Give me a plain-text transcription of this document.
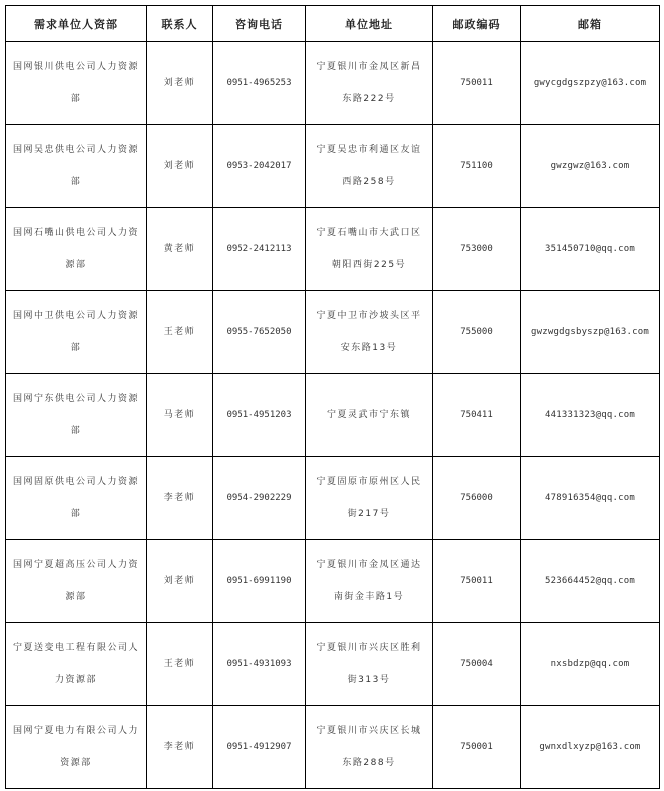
需求单位人资部	联系人	咨询电话	单位地址	邮政编码	邮箱
国网银川供电公司人力资源部	刘老师	0951-4965253	宁夏银川市金凤区新昌东路222号	750011	gwycgdgszpzy@163.com
国网吴忠供电公司人力资源部	刘老师	0953-2042017	宁夏吴忠市利通区友谊西路258号	751100	gwzgwz@163.com
国网石嘴山供电公司人力资源部	黄老师	0952-2412113	宁夏石嘴山市大武口区朝阳西街225号	753000	351450710@qq.com
国网中卫供电公司人力资源部	王老师	0955-7652050	宁夏中卫市沙坡头区平安东路13号	755000	gwzwgdgsbyszp@163.com
国网宁东供电公司人力资源部	马老师	0951-4951203	宁夏灵武市宁东镇	750411	441331323@qq.com
国网固原供电公司人力资源部	李老师	0954-2902229	宁夏固原市原州区人民街217号	756000	478916354@qq.com
国网宁夏超高压公司人力资源部	刘老师	0951-6991190	宁夏银川市金凤区通达南街金丰路1号	750011	523664452@qq.com
宁夏送变电工程有限公司人力资源部	王老师	0951-4931093	宁夏银川市兴庆区胜利街313号	750004	nxsbdzp@qq.com
国网宁夏电力有限公司人力资源部	李老师	0951-4912907	宁夏银川市兴庆区长城东路288号	750001	gwnxdlxyzp@163.com
